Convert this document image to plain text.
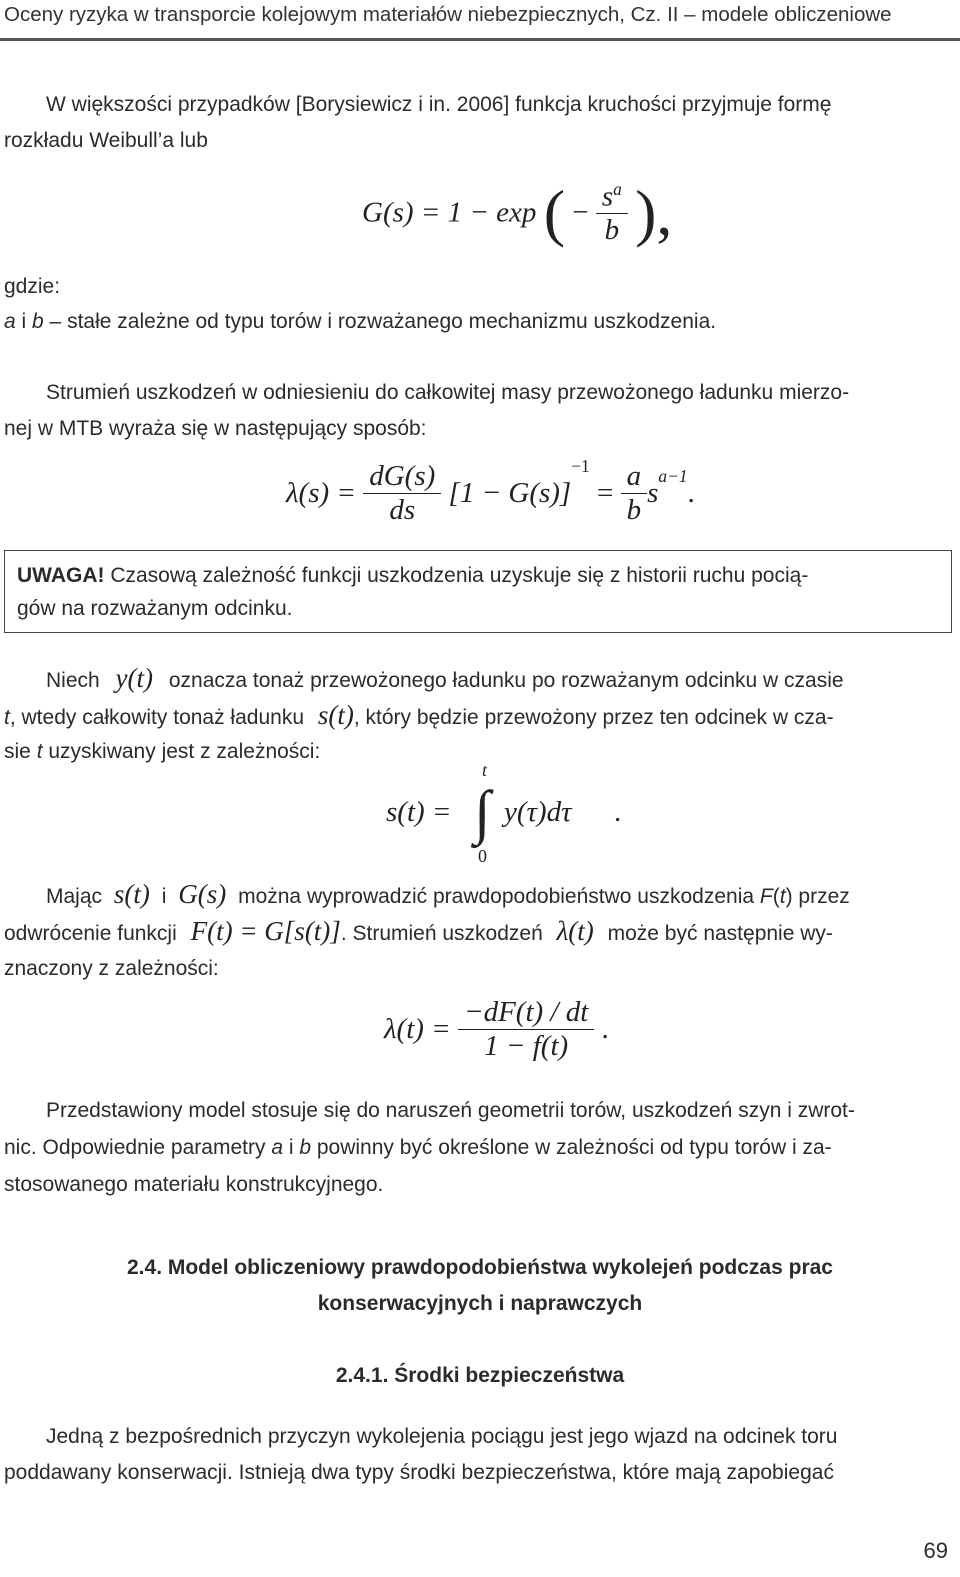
Oceny ryzyka w transporcie kolejowym materiałów niebezpiecznych, Cz. II – modele obliczeniowe
W większości przypadków [Borysiewicz i in. 2006] funkcja kruchości przyjmuje formę
rozkładu Weibull’a lub
G(s) = 1 − exp ( − $\frac{s^a}{b}$ ),
gdzie:
a i b – stałe zależne od typu torów i rozważanego mechanizmu uszkodzenia.
Strumień uszkodzeń w odniesieniu do całkowitej masy przewożonego ładunku mierzo-
nej w MTB wyraża się w następujący sposób:
$\lambda(s) = \frac{dG(s)}{ds} [1 - G(s)]^{-1} = \frac{a}{b} s^{a-1}$.
UWAGA! Czasową zależność funkcji uszkodzenia uzyskuje się z historii ruchu pocią-
gów na rozważanym odcinku.
Niech y(t) oznacza tonaż przewożonego ładunku po rozważanym odcinku w czasie
t, wtedy całkowity tonaż ładunku s(t), który będzie przewożony przez ten odcinek w cza-
sie t uzyskiwany jest z zależności:
s(t) =
t
∫
0
y(τ)dτ .
Mając s(t) i G(s) można wyprowadzić prawdopodobieństwo uszkodzenia F(t) przez
odwrócenie funkcji F(t) = G[s(t)]. Strumień uszkodzeń λ(t) może być następnie wy-
znaczony z zależności:
$\lambda(t) = \frac{-dF(t) / dt}{1 - f(t)}$ .
Przedstawiony model stosuje się do naruszeń geometrii torów, uszkodzeń szyn i zwrot-
nic. Odpowiednie parametry a i b powinny być określone w zależności od typu torów i za-
stosowanego materiału konstrukcyjnego.
2.4. Model obliczeniowy prawdopodobieństwa wykolejeń podczas prac
konserwacyjnych i naprawczych
2.4.1. Środki bezpieczeństwa
Jedną z bezpośrednich przyczyn wykolejenia pociągu jest jego wjazd na odcinek toru
poddawany konserwacji. Istnieją dwa typy środki bezpieczeństwa, które mają zapobiegać
69
